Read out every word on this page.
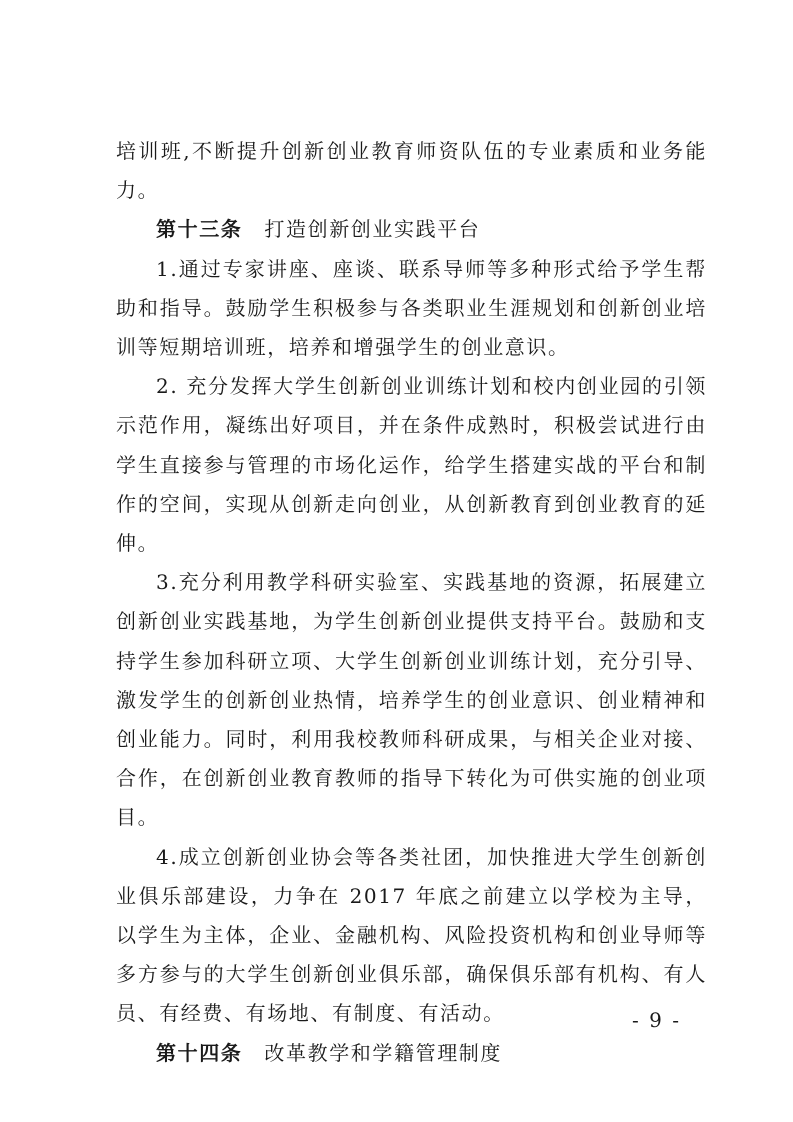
培训班,不断提升创新创业教育师资队伍的专业素质和业务能力。

第十三条 打造创新创业实践平台

1.通过专家讲座、座谈、联系导师等多种形式给予学生帮助和指导。鼓励学生积极参与各类职业生涯规划和创新创业培训等短期培训班，培养和增强学生的创业意识。

2. 充分发挥大学生创新创业训练计划和校内创业园的引领示范作用，凝练出好项目，并在条件成熟时，积极尝试进行由学生直接参与管理的市场化运作，给学生搭建实战的平台和制作的空间，实现从创新走向创业，从创新教育到创业教育的延伸。

3.充分利用教学科研实验室、实践基地的资源，拓展建立创新创业实践基地，为学生创新创业提供支持平台。鼓励和支持学生参加科研立项、大学生创新创业训练计划，充分引导、激发学生的创新创业热情，培养学生的创业意识、创业精神和创业能力。同时，利用我校教师科研成果，与相关企业对接、合作，在创新创业教育教师的指导下转化为可供实施的创业项目。

4.成立创新创业协会等各类社团，加快推进大学生创新创业俱乐部建设，力争在 2017 年底之前建立以学校为主导，以学生为主体，企业、金融机构、风险投资机构和创业导师等多方参与的大学生创新创业俱乐部，确保俱乐部有机构、有人员、有经费、有场地、有制度、有活动。

第十四条 改革教学和学籍管理制度

- 9 -
